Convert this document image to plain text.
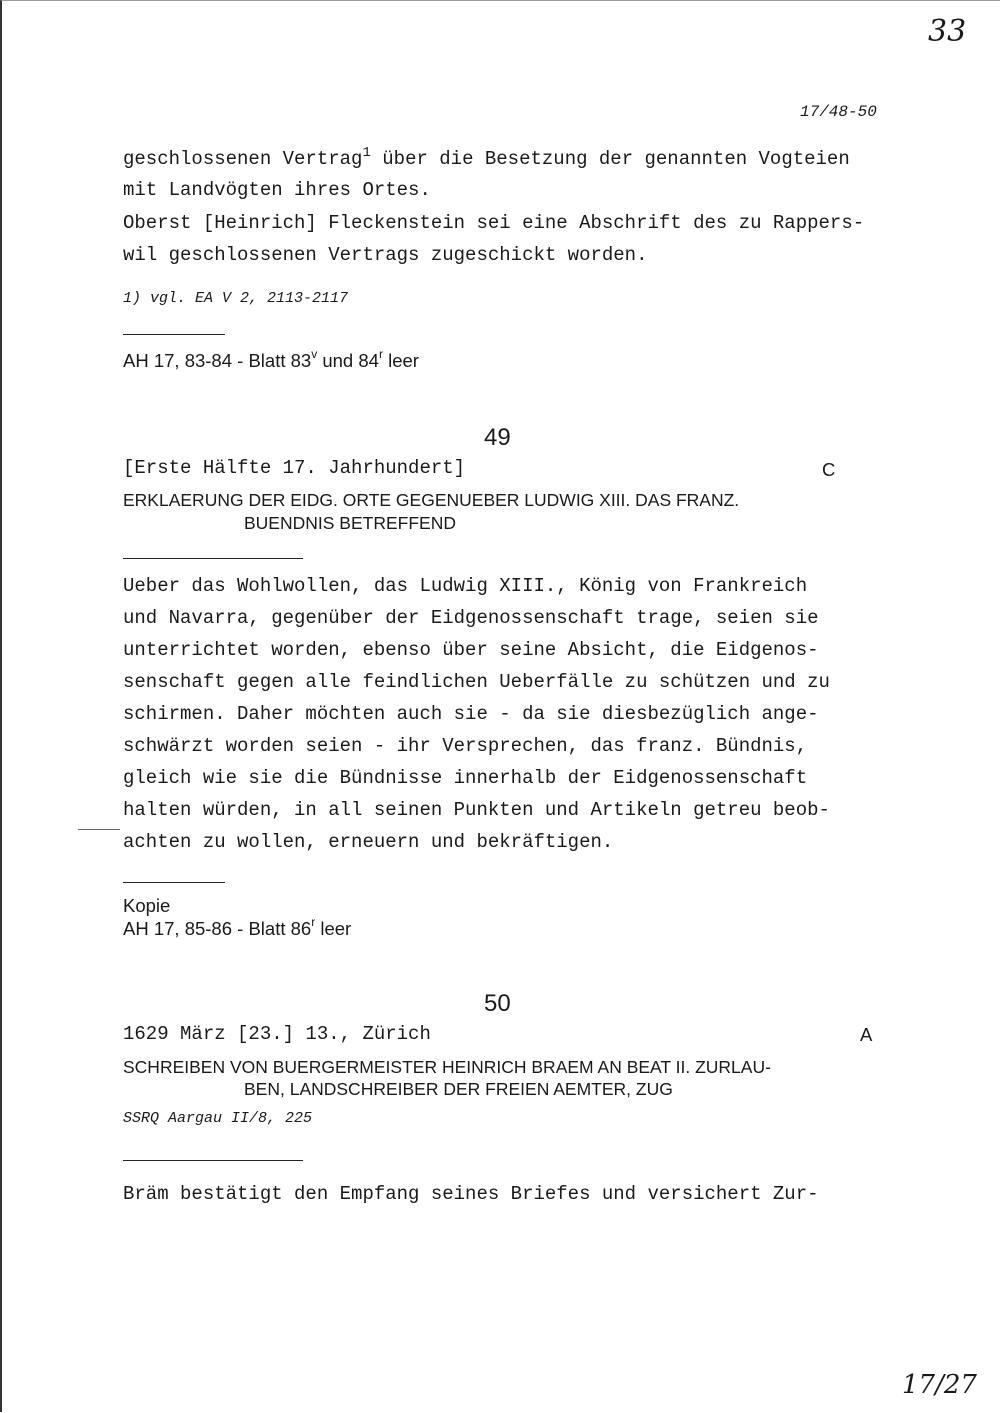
33
17/48-50
geschlossenen Vertrag$^1$ über die Besetzung der genannten Vogteien
mit Landvögten ihres Ortes.
Oberst [Heinrich] Fleckenstein sei eine Abschrift des zu Rappers-
wil geschlossenen Vertrags zugeschickt worden.
1) vgl. EA V 2, 2113-2117
AH 17, 83-84 - Blatt 83$^v$ und 84$^r$ leer
49
[Erste Hälfte 17. Jahrhundert]	C
ERKLAERUNG DER EIDG. ORTE GEGENUEBER LUDWIG XIII. DAS FRANZ.
BUENDNIS BETREFFEND
Ueber das Wohlwollen, das Ludwig XIII., König von Frankreich
und Navarra, gegenüber der Eidgenossenschaft trage, seien sie
unterrichtet worden, ebenso über seine Absicht, die Eidgenos-
senschaft gegen alle feindlichen Ueberfälle zu schützen und zu
schirmen. Daher möchten auch sie - da sie diesbezüglich ange-
schwärzt worden seien - ihr Versprechen, das franz. Bündnis,
gleich wie sie die Bündnisse innerhalb der Eidgenossenschaft
halten würden, in all seinen Punkten und Artikeln getreu beob-
achten zu wollen, erneuern und bekräftigen.
Kopie
AH 17, 85-86 - Blatt 86$^r$ leer
50
1629 März [23.] 13., Zürich	A
SCHREIBEN VON BUERGERMEISTER HEINRICH BRAEM AN BEAT II. ZURLAU-
BEN, LANDSCHREIBER DER FREIEN AEMTER, ZUG
SSRQ Aargau II/8, 225
Bräm bestätigt den Empfang seines Briefes und versichert Zur-
17/27
